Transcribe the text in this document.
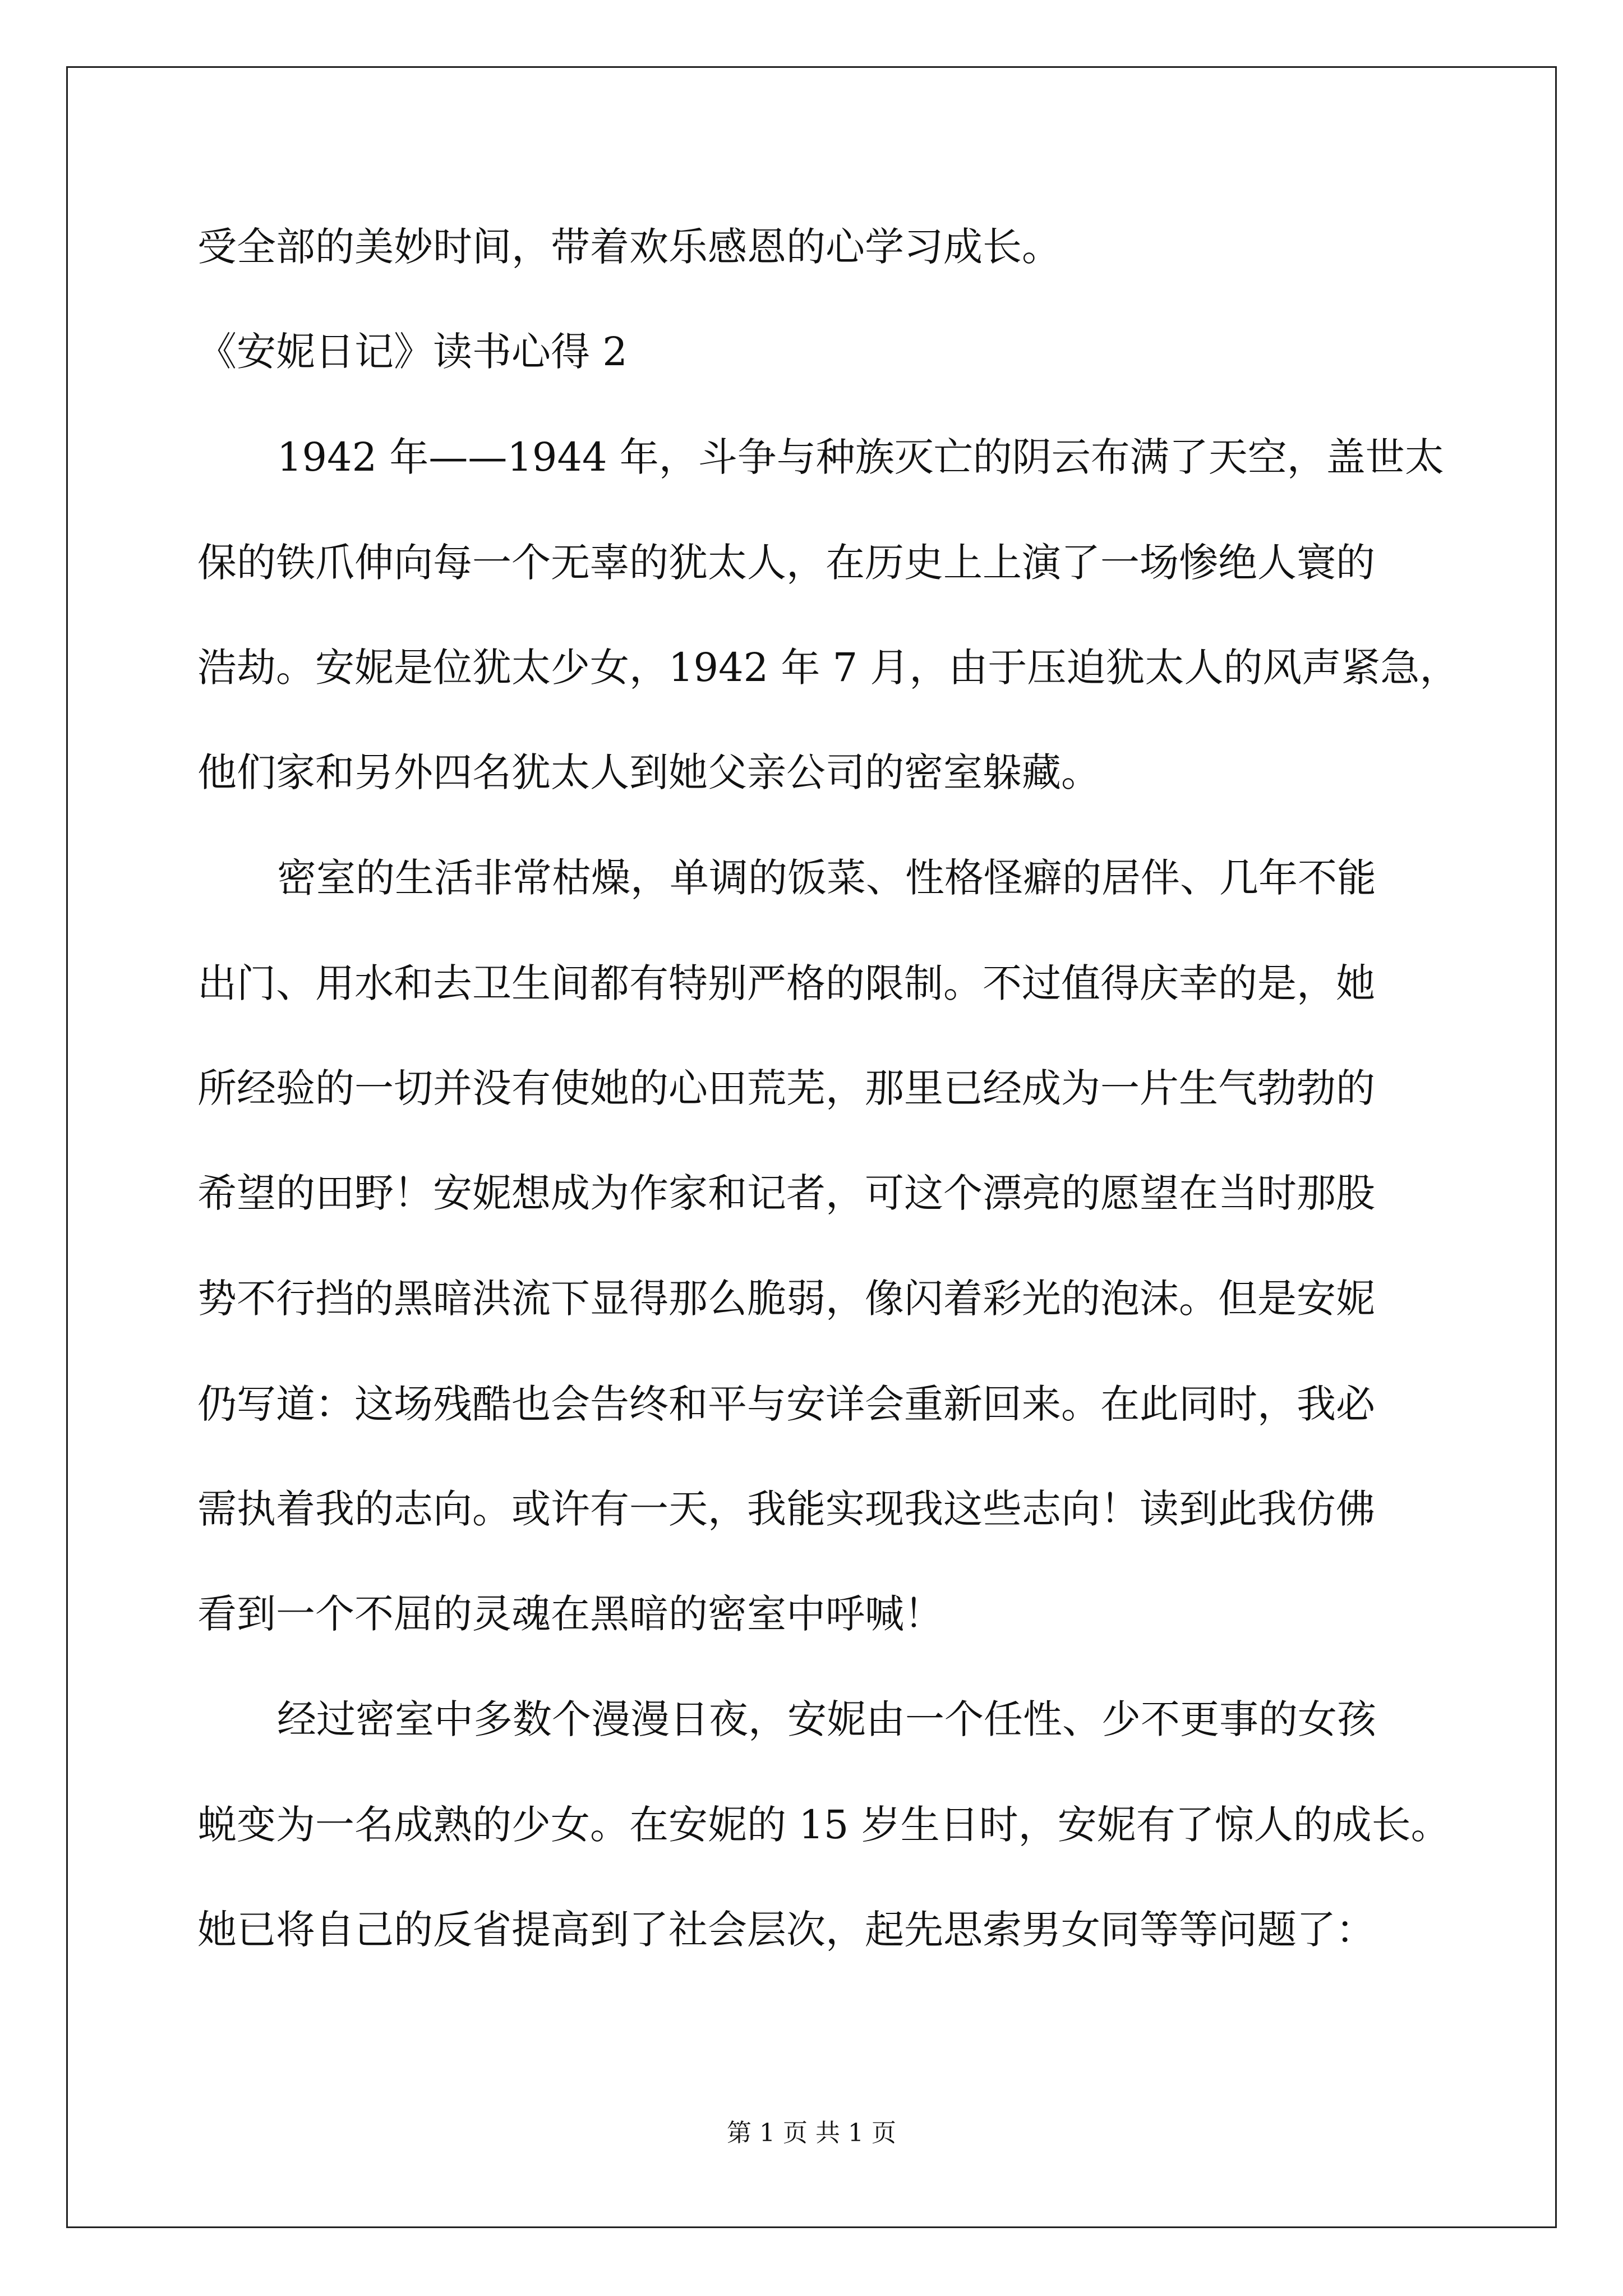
受全部的美妙时间，带着欢乐感恩的心学习成长。
《安妮日记》读书心得 2
1942 年——1944 年，斗争与种族灭亡的阴云布满了天空，盖世太
保的铁爪伸向每一个无辜的犹太人，在历史上上演了一场惨绝人寰的
浩劫。安妮是位犹太少女，1942 年 7 月，由于压迫犹太人的风声紧急，
他们家和另外四名犹太人到她父亲公司的密室躲藏。
密室的生活非常枯燥，单调的饭菜、性格怪癖的居伴、几年不能
出门、用水和去卫生间都有特别严格的限制。不过值得庆幸的是，她
所经验的一切并没有使她的心田荒芜，那里已经成为一片生气勃勃的
希望的田野！安妮想成为作家和记者，可这个漂亮的愿望在当时那股
势不行挡的黑暗洪流下显得那么脆弱，像闪着彩光的泡沫。但是安妮
仍写道：这场残酷也会告终和平与安详会重新回来。在此同时，我必
需执着我的志向。或许有一天，我能实现我这些志向！读到此我仿佛
看到一个不屈的灵魂在黑暗的密室中呼喊！
经过密室中多数个漫漫日夜，安妮由一个任性、少不更事的女孩
蜕变为一名成熟的少女。在安妮的 15 岁生日时，安妮有了惊人的成长。
她已将自己的反省提高到了社会层次，起先思索男女同等等问题了：
第 1 页 共 1 页
